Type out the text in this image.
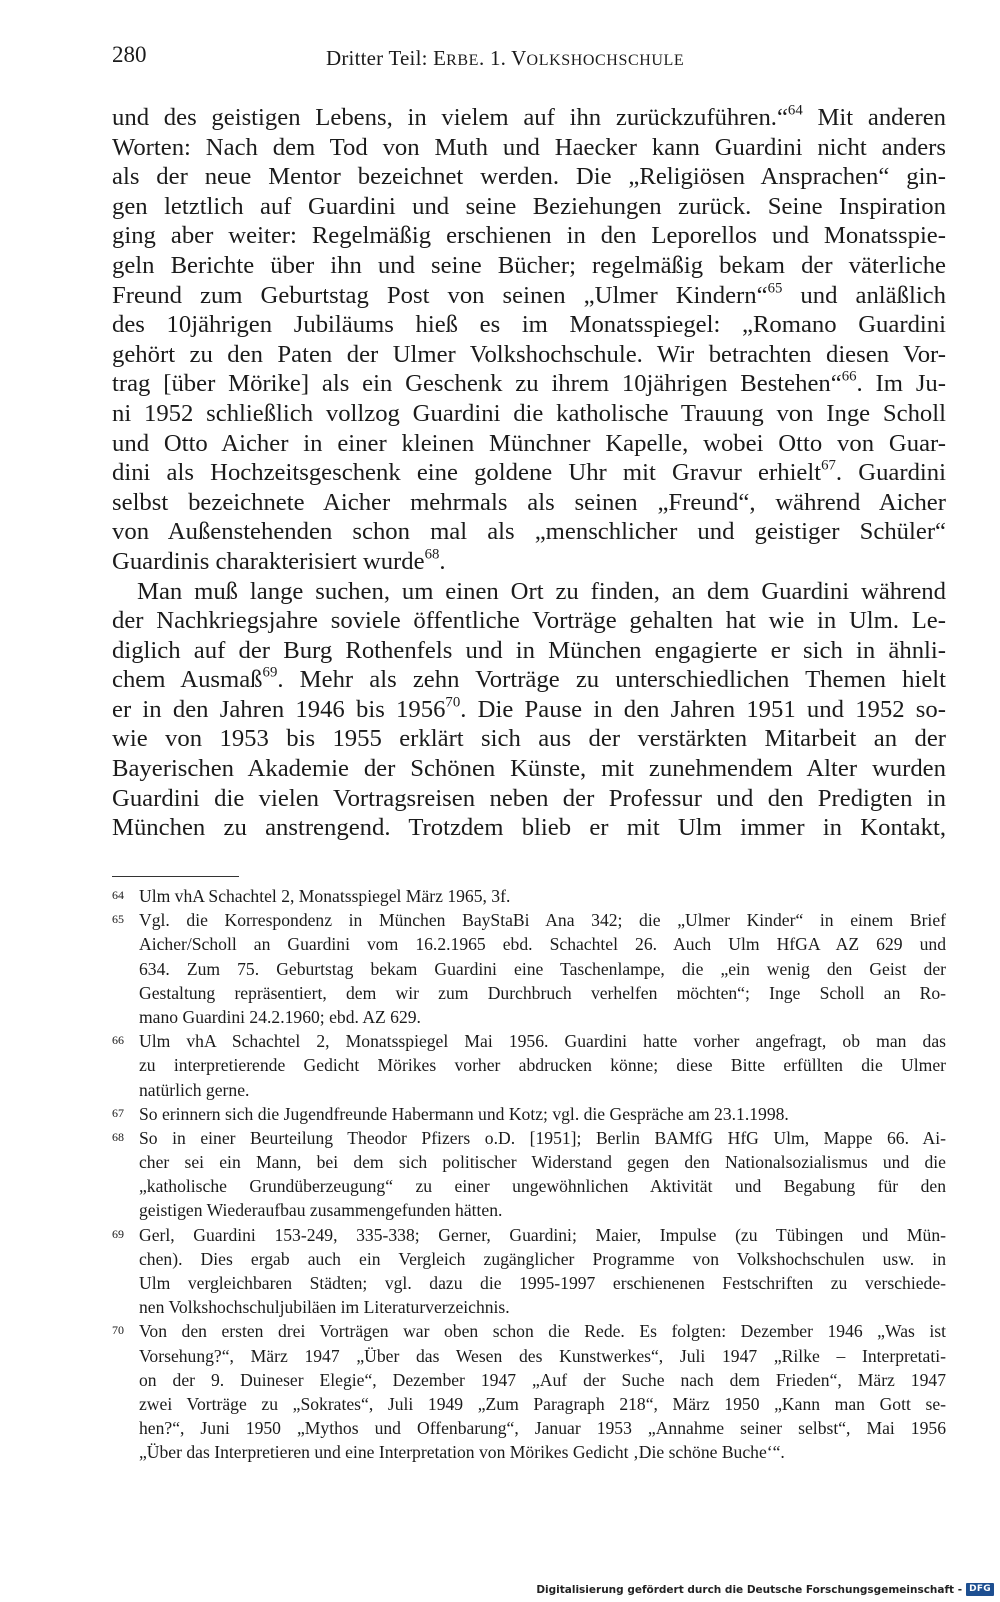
280	Dritter Teil: ERBE. 1. VOLKSHOCHSCHULE
und des geistigen Lebens, in vielem auf ihn zurückzuführen.“$^{64}$ Mit anderen
Worten: Nach dem Tod von Muth und Haecker kann Guardini nicht anders
als der neue Mentor bezeichnet werden. Die „Religiösen Ansprachen“ gin-
gen letztlich auf Guardini und seine Beziehungen zurück. Seine Inspiration
ging aber weiter: Regelmäßig erschienen in den Leporellos und Monatsspie-
geln Berichte über ihn und seine Bücher; regelmäßig bekam der väterliche
Freund zum Geburtstag Post von seinen „Ulmer Kindern“$^{65}$ und anläßlich
des 10jährigen Jubiläums hieß es im Monatsspiegel: „Romano Guardini
gehört zu den Paten der Ulmer Volkshochschule. Wir betrachten diesen Vor-
trag [über Mörike] als ein Geschenk zu ihrem 10jährigen Bestehen“$^{66}$. Im Ju-
ni 1952 schließlich vollzog Guardini die katholische Trauung von Inge Scholl
und Otto Aicher in einer kleinen Münchner Kapelle, wobei Otto von Guar-
dini als Hochzeitsgeschenk eine goldene Uhr mit Gravur erhielt$^{67}$. Guardini
selbst bezeichnete Aicher mehrmals als seinen „Freund“, während Aicher
von Außenstehenden schon mal als „menschlicher und geistiger Schüler“
Guardinis charakterisiert wurde$^{68}$.
Man muß lange suchen, um einen Ort zu finden, an dem Guardini während
der Nachkriegsjahre soviele öffentliche Vorträge gehalten hat wie in Ulm. Le-
diglich auf der Burg Rothenfels und in München engagierte er sich in ähnli-
chem Ausmaß$^{69}$. Mehr als zehn Vorträge zu unterschiedlichen Themen hielt
er in den Jahren 1946 bis 1956$^{70}$. Die Pause in den Jahren 1951 und 1952 so-
wie von 1953 bis 1955 erklärt sich aus der verstärkten Mitarbeit an der
Bayerischen Akademie der Schönen Künste, mit zunehmendem Alter wurden
Guardini die vielen Vortragsreisen neben der Professur und den Predigten in
München zu anstrengend. Trotzdem blieb er mit Ulm immer in Kontakt,
64 Ulm vhA Schachtel 2, Monatsspiegel März 1965, 3f.
65 Vgl. die Korrespondenz in München BayStaBi Ana 342; die „Ulmer Kinder“ in einem Brief
Aicher/Scholl an Guardini vom 16.2.1965 ebd. Schachtel 26. Auch Ulm HfGA AZ 629 und
634. Zum 75. Geburtstag bekam Guardini eine Taschenlampe, die „ein wenig den Geist der
Gestaltung repräsentiert, dem wir zum Durchbruch verhelfen möchten“; Inge Scholl an Ro-
mano Guardini 24.2.1960; ebd. AZ 629.
66 Ulm vhA Schachtel 2, Monatsspiegel Mai 1956. Guardini hatte vorher angefragt, ob man das
zu interpretierende Gedicht Mörikes vorher abdrucken könne; diese Bitte erfüllten die Ulmer
natürlich gerne.
67 So erinnern sich die Jugendfreunde Habermann und Kotz; vgl. die Gespräche am 23.1.1998.
68 So in einer Beurteilung Theodor Pfizers o.D. [1951]; Berlin BAMfG HfG Ulm, Mappe 66. Ai-
cher sei ein Mann, bei dem sich politischer Widerstand gegen den Nationalsozialismus und die
„katholische Grundüberzeugung“ zu einer ungewöhnlichen Aktivität und Begabung für den
geistigen Wiederaufbau zusammengefunden hätten.
69 Gerl, Guardini 153-249, 335-338; Gerner, Guardini; Maier, Impulse (zu Tübingen und Mün-
chen). Dies ergab auch ein Vergleich zugänglicher Programme von Volkshochschulen usw. in
Ulm vergleichbaren Städten; vgl. dazu die 1995-1997 erschienenen Festschriften zu verschiede-
nen Volkshochschuljubiläen im Literaturverzeichnis.
70 Von den ersten drei Vorträgen war oben schon die Rede. Es folgten: Dezember 1946 „Was ist
Vorsehung?“, März 1947 „Über das Wesen des Kunstwerkes“, Juli 1947 „Rilke – Interpretati-
on der 9. Duineser Elegie“, Dezember 1947 „Auf der Suche nach dem Frieden“, März 1947
zwei Vorträge zu „Sokrates“, Juli 1949 „Zum Paragraph 218“, März 1950 „Kann man Gott se-
hen?“, Juni 1950 „Mythos und Offenbarung“, Januar 1953 „Annahme seiner selbst“, Mai 1956
„Über das Interpretieren und eine Interpretation von Mörikes Gedicht ‚Die schöne Buche‘“.
Digitalisierung gefördert durch die Deutsche Forschungsgemeinschaft - DFG
